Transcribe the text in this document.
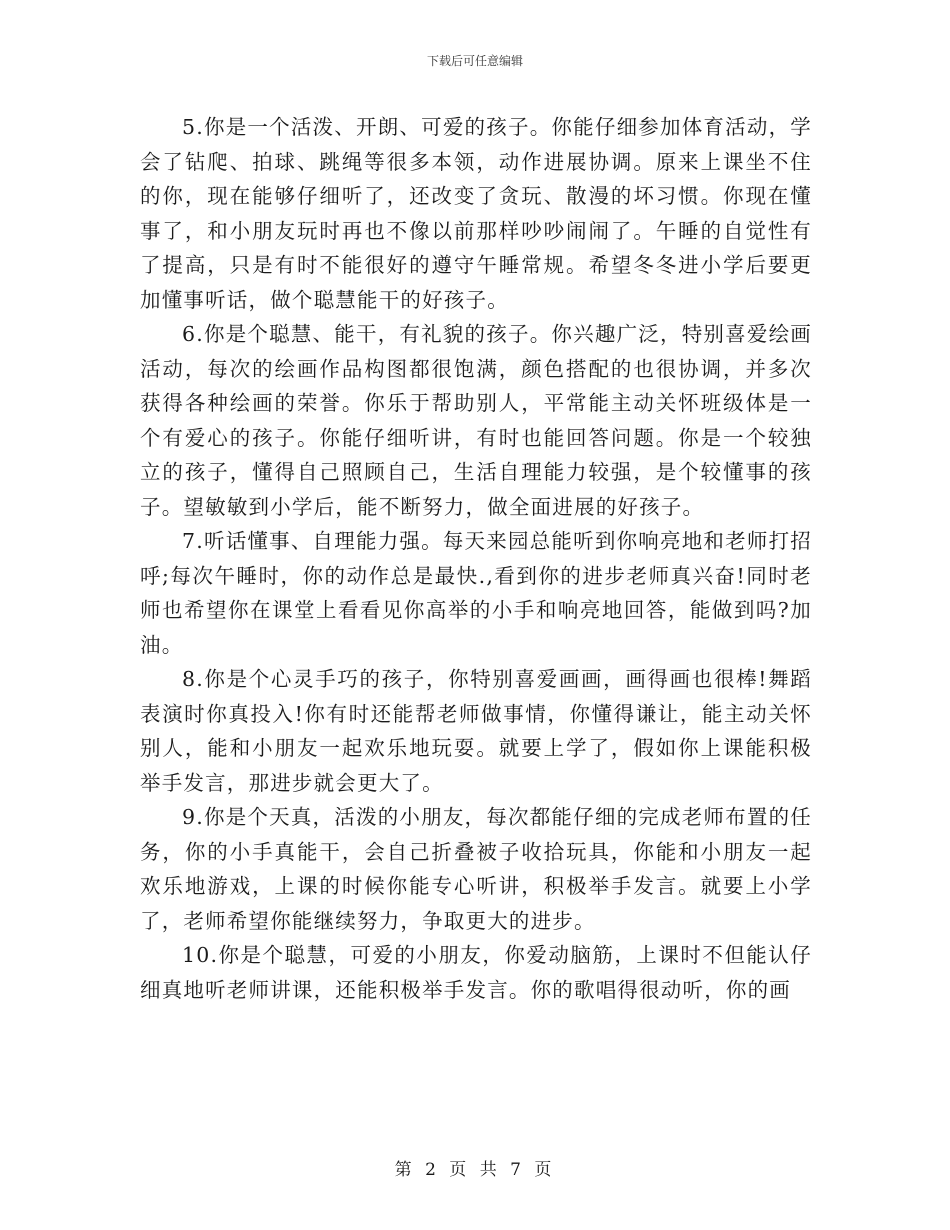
下载后可任意编辑

5.你是一个活泼、开朗、可爱的孩子。你能仔细参加体育活动，学会了钻爬、拍球、跳绳等很多本领，动作进展协调。原来上课坐不住的你，现在能够仔细听了，还改变了贪玩、散漫的坏习惯。你现在懂事了，和小朋友玩时再也不像以前那样吵吵闹闹了。午睡的自觉性有了提高，只是有时不能很好的遵守午睡常规。希望冬冬进小学后要更加懂事听话，做个聪慧能干的好孩子。

6.你是个聪慧、能干，有礼貌的孩子。你兴趣广泛，特别喜爱绘画活动，每次的绘画作品构图都很饱满，颜色搭配的也很协调，并多次获得各种绘画的荣誉。你乐于帮助别人，平常能主动关怀班级体是一个有爱心的孩子。你能仔细听讲，有时也能回答问题。你是一个较独立的孩子，懂得自己照顾自己，生活自理能力较强，是个较懂事的孩子。望敏敏到小学后，能不断努力，做全面进展的好孩子。

7.听话懂事、自理能力强。每天来园总能听到你响亮地和老师打招呼;每次午睡时，你的动作总是最快.,看到你的进步老师真兴奋!同时老师也希望你在课堂上看看见你高举的小手和响亮地回答，能做到吗?加油。

8.你是个心灵手巧的孩子，你特别喜爱画画，画得画也很棒!舞蹈表演时你真投入!你有时还能帮老师做事情，你懂得谦让，能主动关怀别人，能和小朋友一起欢乐地玩耍。就要上学了，假如你上课能积极举手发言，那进步就会更大了。

9.你是个天真，活泼的小朋友，每次都能仔细的完成老师布置的任务，你的小手真能干，会自己折叠被子收拾玩具，你能和小朋友一起欢乐地游戏，上课的时候你能专心听讲，积极举手发言。就要上小学了，老师希望你能继续努力，争取更大的进步。

10.你是个聪慧，可爱的小朋友，你爱动脑筋，上课时不但能认仔细真地听老师讲课，还能积极举手发言。你的歌唱得很动听，你的画

第 2 页 共 7 页
